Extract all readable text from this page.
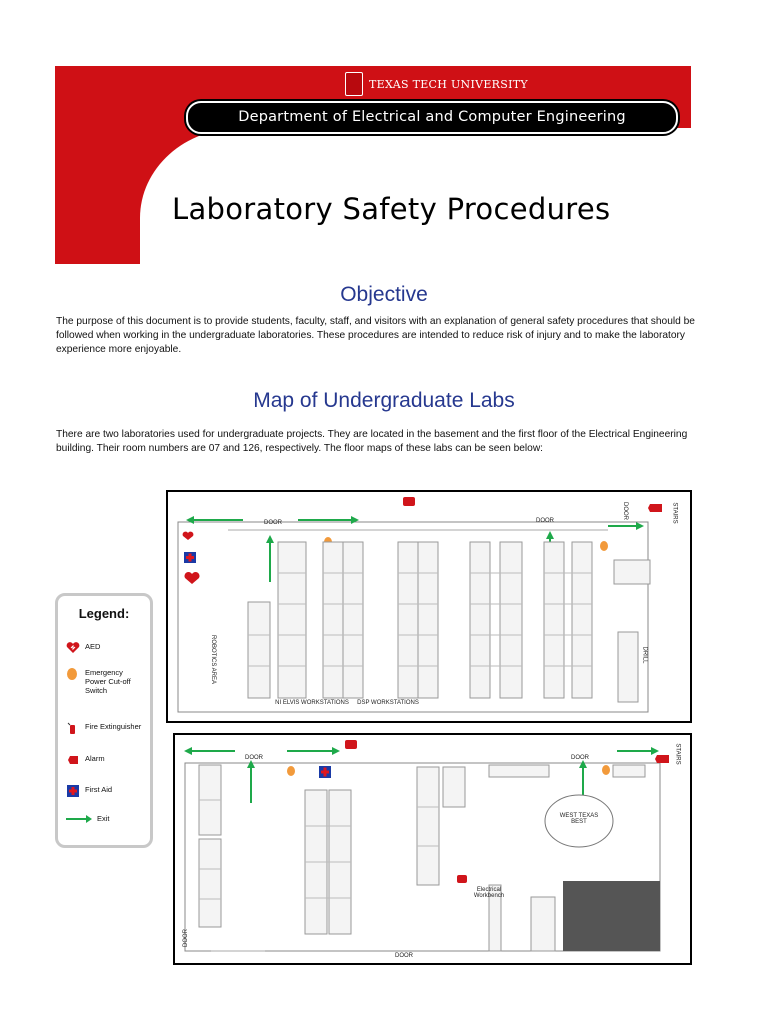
TEXAS TECH UNIVERSITY
Department of Electrical and Computer Engineering
Laboratory Safety Procedures
Objective
The purpose of this document is to provide students, faculty, staff, and visitors with an explanation of general safety procedures that should be followed when working in the undergraduate laboratories. These procedures are intended to reduce risk of injury and to make the laboratory experience more enjoyable.
Map of Undergraduate Labs
There are two laboratories used for undergraduate projects. They are located in the basement and the first floor of the Electrical Engineering building. Their room numbers are 07 and 126, respectively. The floor maps of these labs can be seen below:
Legend:
AED
Emergency Power Cut-off Switch
Fire Extinguisher
Alarm
First Aid
Exit
DOOR	DOOR
DOOR	STAIRS
ROBOTICS AREA	DRILL
NI ELVIS WORKSTATIONS	DSP WORKSTATIONS
DOOR	DOOR
DOOR
DOOR
STAIRS
WEST TEXAS BEST
Electrical Workbench
